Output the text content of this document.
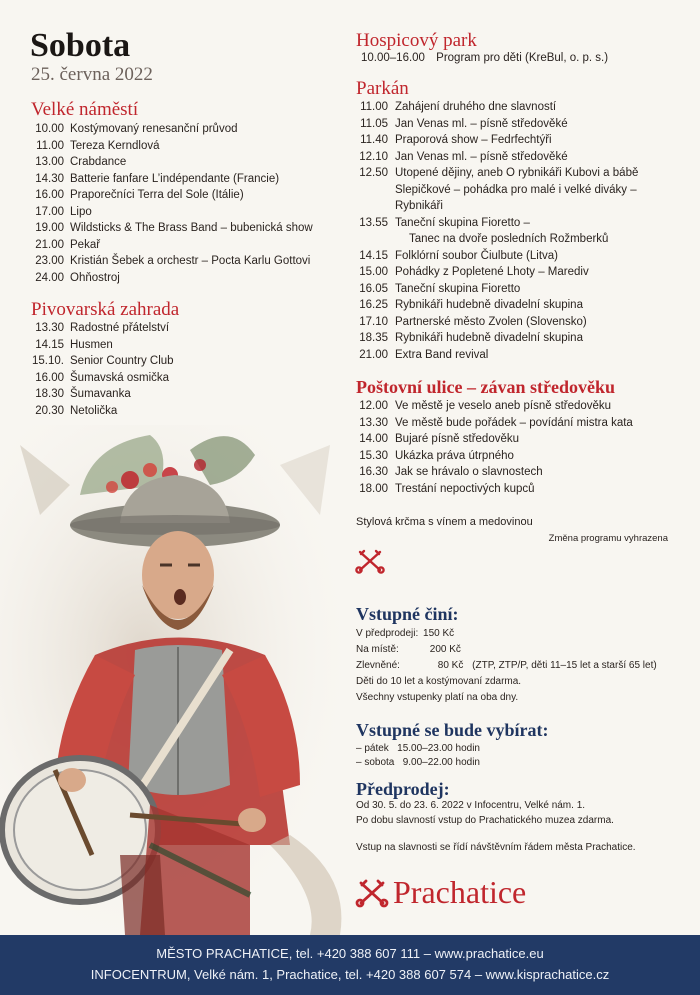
Sobota
25. června 2022
Velké náměstí
10.00 Kostýmovaný renesanční průvod
11.00 Tereza Kerndlová
13.00 Crabdance
14.30 Batterie fanfare L’indépendante (Francie)
16.00 Praporečníci Terra del Sole (Itálie)
17.00 Lipo
19.00 Wildsticks & The Brass Band – bubenická show
21.00 Pekař
23.00 Kristián Šebek a orchestr – Pocta Karlu Gottovi
24.00 Ohňostroj
Pivovarská zahrada
13.30 Radostné přátelství
14.15 Husmen
15.10. Senior Country Club
16.00 Šumavská osmička
18.30 Šumavanka
20.30 Netolička
Hospicový park
10.00–16.00 Program pro děti (KreBul, o. p. s.)
Parkán
11.00 Zahájení druhého dne slavností
11.05 Jan Venas ml. – písně středověké
11.40 Praporová show – Fedrfechtýři
12.10 Jan Venas ml. – písně středověké
12.50 Utopené dějiny, aneb O rybnikáři Kubovi a bábě
Slepičkové – pohádka pro malé i velké diváky –
Rybnikáři
13.55 Taneční skupina Fioretto –
Tanec na dvoře posledních Rožmberků
14.15 Folklórní soubor Čiulbute (Litva)
15.00 Pohádky z Popletené Lhoty – Marediv
16.05 Taneční skupina Fioretto
16.25 Rybnikáři hudebně divadelní skupina
17.10 Partnerské město Zvolen (Slovensko)
18.35 Rybnikáři hudebně divadelní skupina
21.00 Extra Band revival
Poštovní ulice – závan středověku
12.00 Ve městě je veselo aneb písně středověku
13.30 Ve městě bude pořádek – povídání mistra kata
14.00 Bujaré písně středověku
15.30 Ukázka práva útrpného
16.30 Jak se hrávalo o slavnostech
18.00 Trestání nepoctivých kupců
Stylová krčma s vínem a medovinou
Změna programu vyhrazena
Vstupné činí:
V předprodeji: 150 Kč
Na místě:	200 Kč
Zlevněné:	80 Kč (ZTP, ZTP/P, děti 11–15 let a starší 65 let)
Děti do 10 let a kostýmovaní zdarma.
Všechny vstupenky platí na oba dny.
Vstupné se bude vybírat:
– pátek   15.00–23.00 hodin
– sobota   9.00–22.00 hodin
Předprodej:
Od 30. 5. do 23. 6. 2022 v Infocentru, Velké nám. 1.
Po dobu slavností vstup do Prachatického muzea zdarma.
Vstup na slavnosti se řídí návštěvním řádem města Prachatice.
Prachatice
MĚSTO PRACHATICE, tel. +420 388 607 111 – www.prachatice.eu
INFOCENTRUM, Velké nám. 1, Prachatice, tel. +420 388 607 574 – www.kisprachatice.cz
